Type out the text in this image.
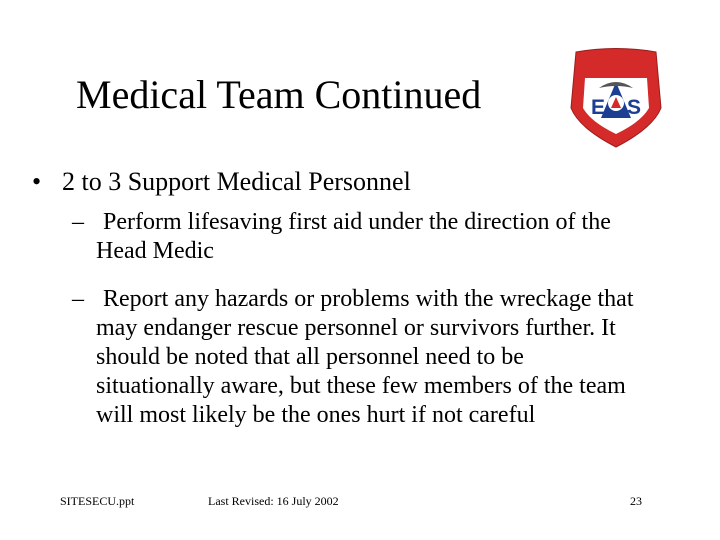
Medical Team Continued	E S
• 2 to 3 Support Medical Personnel
– Perform lifesaving first aid under the direction of the
Head Medic
– Report any hazards or problems with the wreckage that
may endanger rescue personnel or survivors further. It
should be noted that all personnel need to be
situationally aware, but these few members of the team
will most likely be the ones hurt if not careful
SITESECU.ppt	Last Revised: 16 July 2002	23
